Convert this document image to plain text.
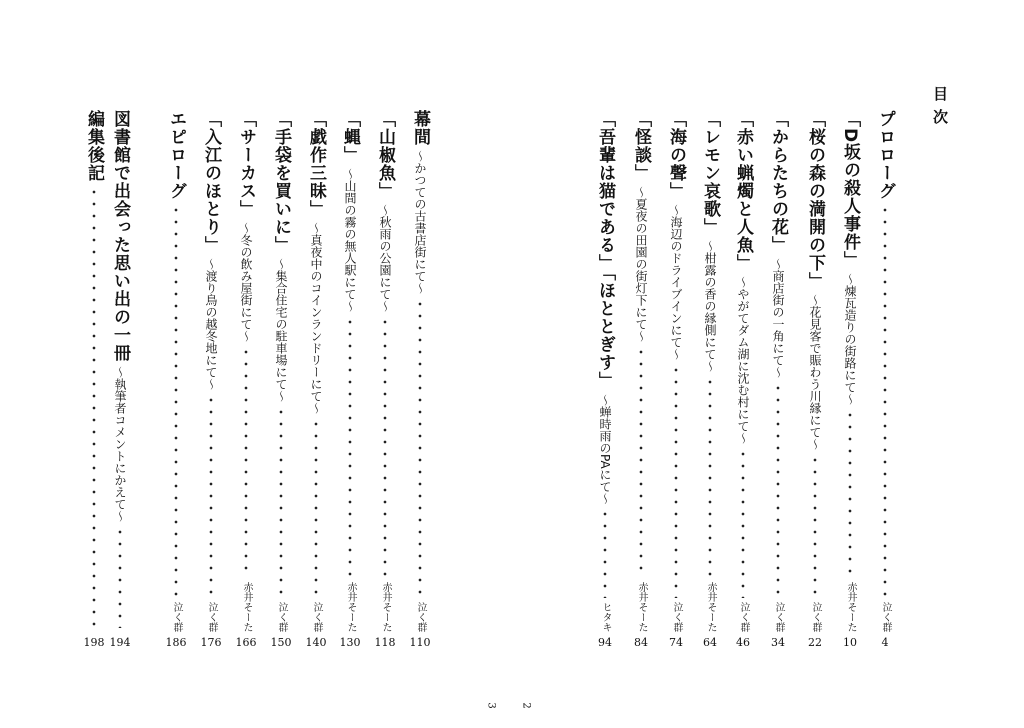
目次
プロローグ
泣く群
4
「D坂の殺人事件」
～煉瓦造りの街路にて～
赤井そーた
10
「桜の森の満開の下」
～花見客で賑わう川縁にて～
泣く群
22
「からたちの花」
～商店街の一角にて～
泣く群
34
「赤い蝋燭と人魚」
～やがてダム湖に沈む村にて～
泣く群
46
「レモン哀歌」
～柑露の香の縁側にて～
赤井そーた
64
「海の聲」
～海辺のドライブインにて～
泣く群
74
「怪談」
～夏夜の田園の街灯下にて～
赤井そーた
84
「吾輩は猫である」「ほととぎす」
～蝉時雨のPAにて～
ヒタキ
94
幕間
～かつての古書店街にて～
泣く群
110
「山椒魚」
～秋雨の公園にて～
赤井そーた
118
「蝿」
～山間の霧の無人駅にて～
赤井そーた
130
「戯作三昧」
～真夜中のコインランドリーにて～
泣く群
140
「手袋を買いに」
～集合住宅の駐車場にて～
泣く群
150
「サーカス」
～冬の飲み屋街にて～
赤井そーた
166
「入江のほとり」
～渡り鳥の越冬地にて～
泣く群
176
エピローグ
泣く群
186
図書館で出会った思い出の一冊
～執筆者コメントにかえて～
194
編集後記
198
3 2
